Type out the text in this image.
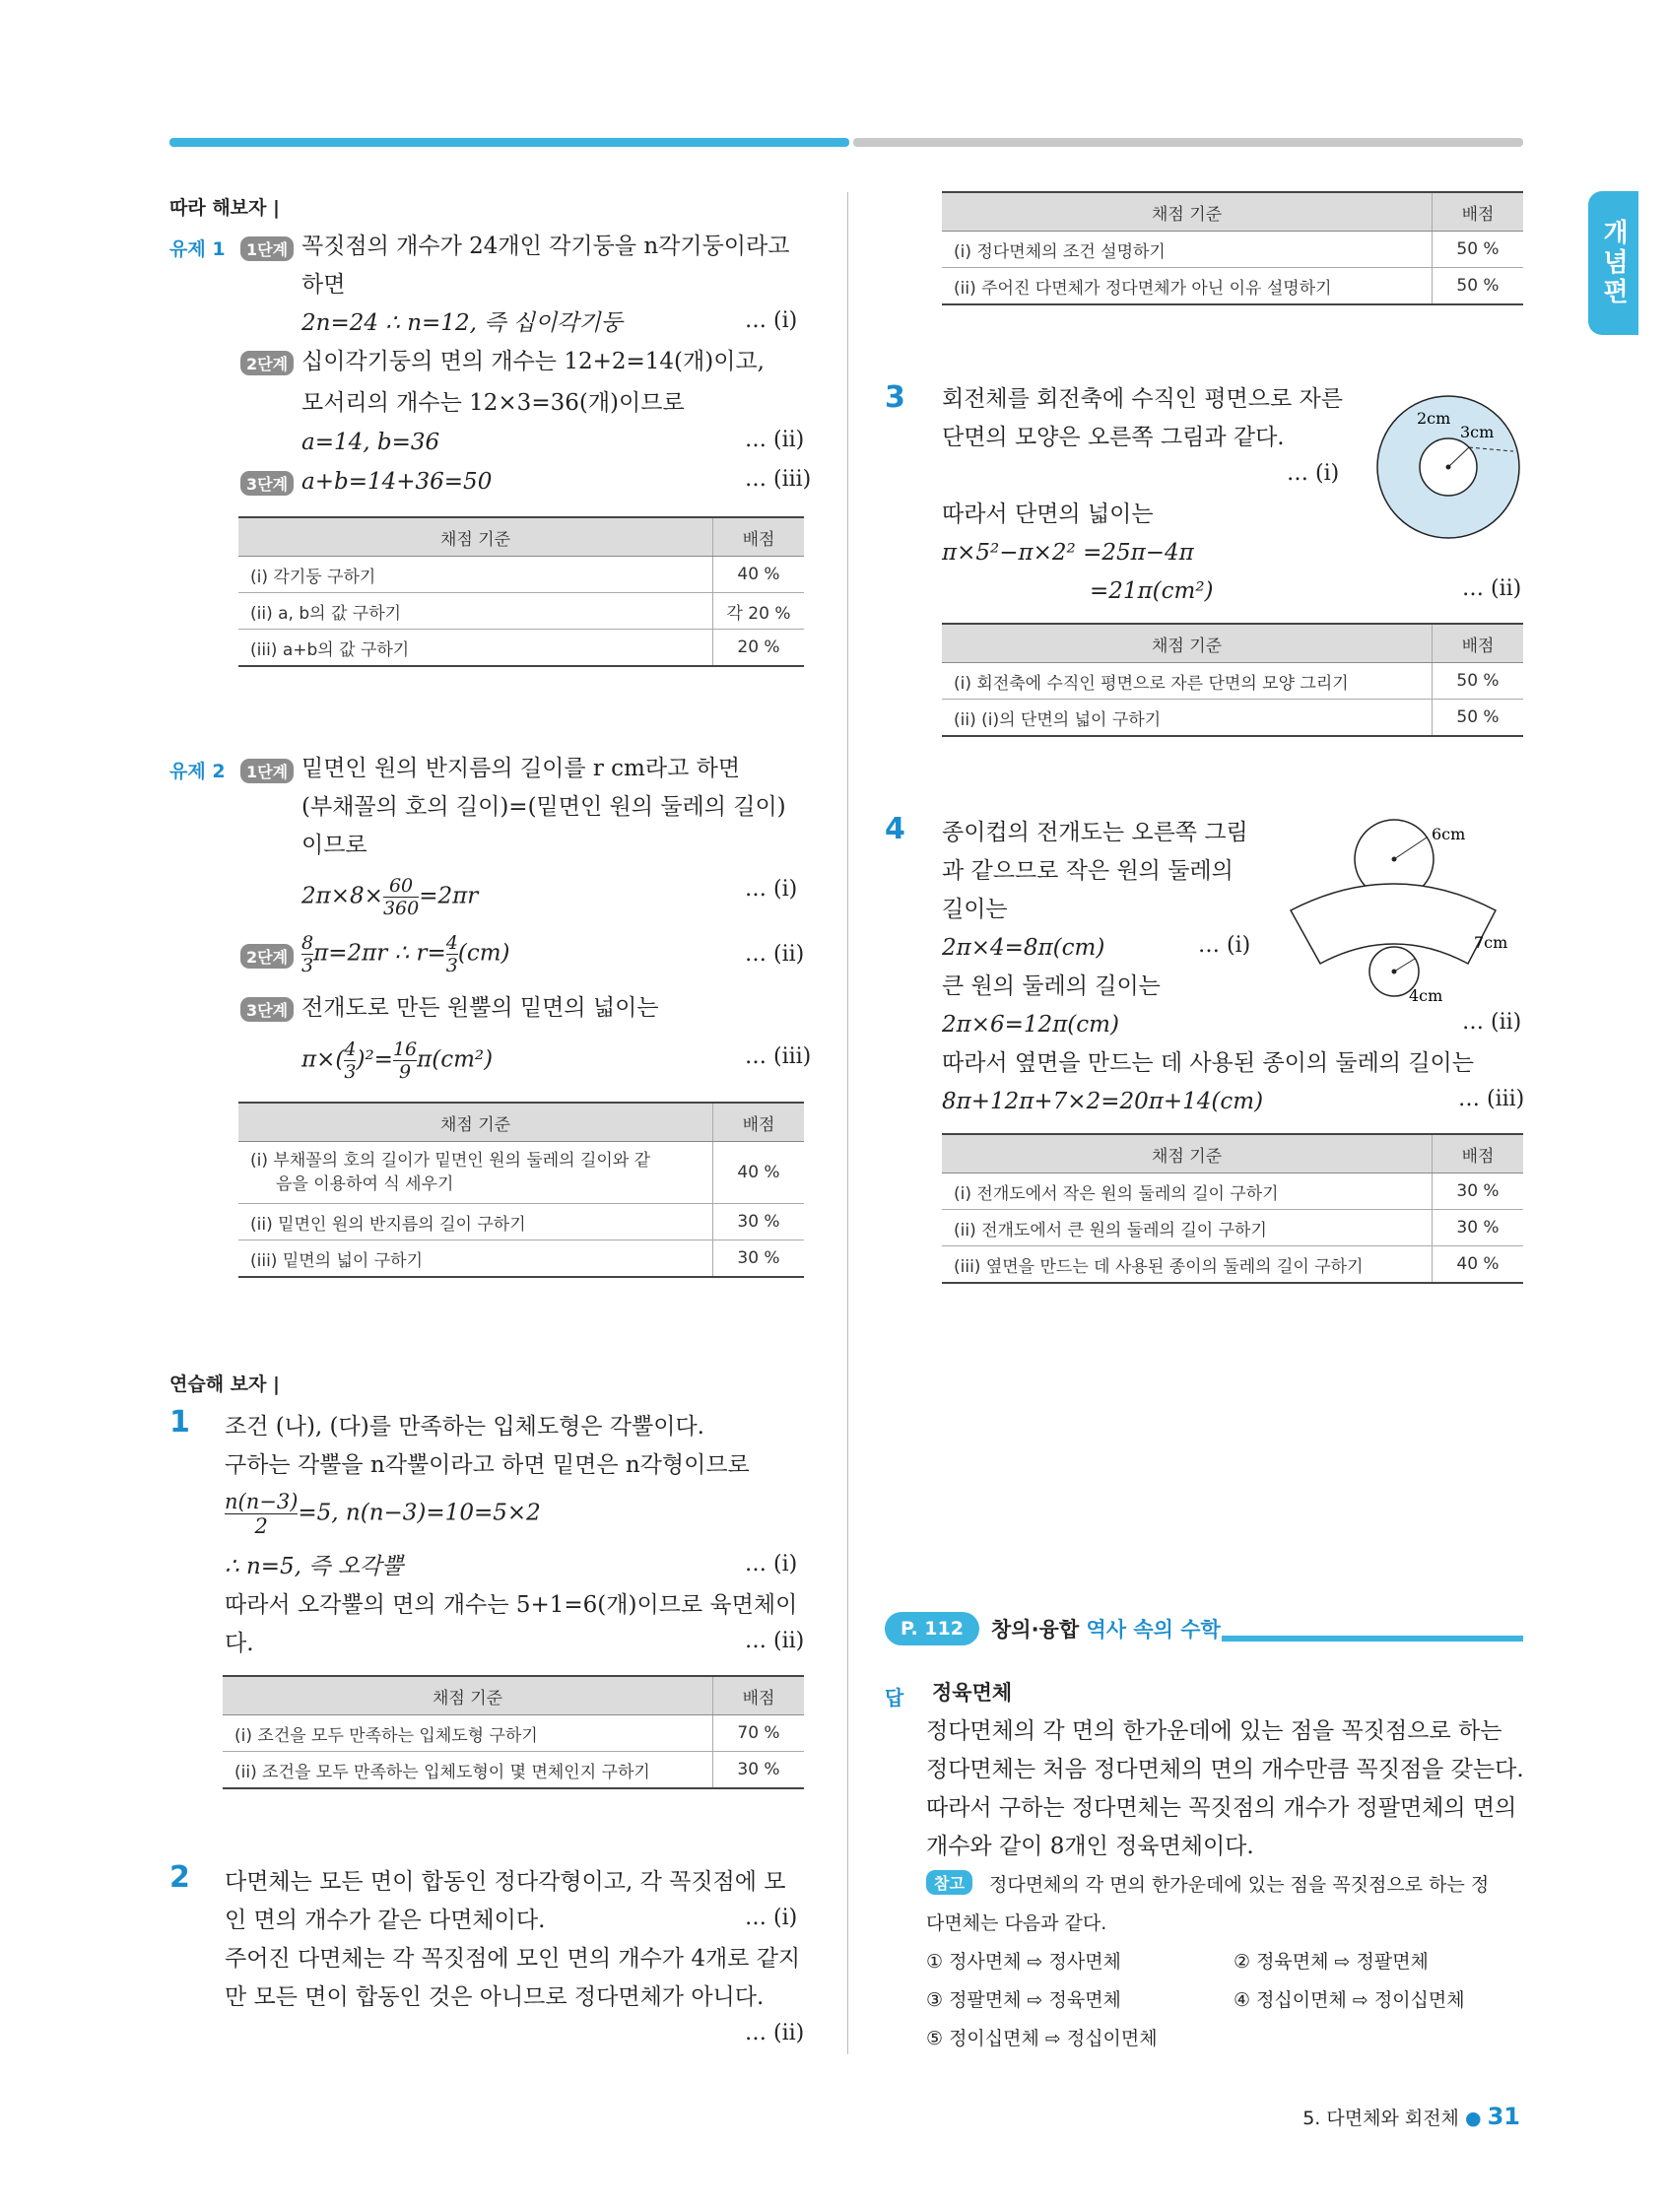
개념편
따라 해보자 |
유제 1	1단계 꼭짓점의 개수가 24개인 각기둥을 n각기둥이라고
하면
2n=24 ∴ n=12, 즉 십이각기둥	… (i)
2단계 십이각기둥의 면의 개수는 12+2=14(개)이고,
모서리의 개수는 12×3=36(개)이므로
a=14, b=36	… (ii)
3단계 a+b=14+36=50	… (iii)
채점 기준	배점
(i) 각기둥 구하기	40 %
(ii) a, b의 값 구하기	각 20 %
(iii) a+b의 값 구하기	20 %
유제 2	1단계 밑면인 원의 반지름의 길이를 r cm라고 하면
(부채꼴의 호의 길이)=(밑면인 원의 둘레의 길이)
이므로
$2\pi\times 8\times \frac{60}{360} =2\pi r$	… (i)
2단계 $\frac{8}{3} \pi=2\pi r$ ∴ $r= \frac{4}{3} (cm)$	… (ii)
3단계 전개도로 만든 원뿔의 밑면의 넓이는
$\pi\times( \frac{4}{3} )^2= \frac{16}{9} \pi(cm^2)$	… (iii)
채점 기준	배점

(i) 부채꼴의 호의 길이가 밑면인 원의 둘레의 길이와 같
음을 이용하여 식 세우기	40 %
(ii) 밑면인 원의 반지름의 길이 구하기	30 %
(iii) 밑면의 넓이 구하기	30 %
연습해 보자 |
1 조건 (나), (다)를 만족하는 입체도형은 각뿔이다.
구하는 각뿔을 n각뿔이라고 하면 밑면은 n각형이므로
$\frac{n(n-3)}{2} =5$, n(n−3)=10=5×2
∴ n=5, 즉 오각뿔	… (i)
따라서 오각뿔의 면의 개수는 5+1=6(개)이므로 육면체이
다.	… (ii)
채점 기준	배점
(i) 조건을 모두 만족하는 입체도형 구하기	70 %
(ii) 조건을 모두 만족하는 입체도형이 몇 면체인지 구하기	30 %
2 다면체는 모든 면이 합동인 정다각형이고, 각 꼭짓점에 모
인 면의 개수가 같은 다면체이다.	… (i)
주어진 다면체는 각 꼭짓점에 모인 면의 개수가 4개로 같지
만 모든 면이 합동인 것은 아니므로 정다면체가 아니다.
… (ii)
채점 기준	배점
(i) 정다면체의 조건 설명하기	50 %
(ii) 주어진 다면체가 정다면체가 아닌 이유 설명하기	50 %
3 회전체를 회전축에 수직인 평면으로 자른
단면의 모양은 오른쪽 그림과 같다.
… (i)
따라서 단면의 넓이는
π×5²−π×2² =25π−4π
=21π(cm²)	… (ii)
2cm
3cm
채점 기준	배점
(i) 회전축에 수직인 평면으로 자른 단면의 모양 그리기	50 %
(ii) (i)의 단면의 넓이 구하기	50 %
4 종이컵의 전개도는 오른쪽 그림
과 같으므로 작은 원의 둘레의
길이는
2π×4=8π(cm)	… (i)
큰 원의 둘레의 길이는
2π×6=12π(cm)	… (ii)
따라서 옆면을 만드는 데 사용된 종이의 둘레의 길이는
8π+12π+7×2=20π+14(cm)	… (iii)
6cm
7cm
4cm
채점 기준	배점
(i) 전개도에서 작은 원의 둘레의 길이 구하기	30 %
(ii) 전개도에서 큰 원의 둘레의 길이 구하기	30 %
(iii) 옆면을 만드는 데 사용된 종이의 둘레의 길이 구하기	40 %
P. 112	창의·융합 역사 속의 수학
답 정육면체
정다면체의 각 면의 한가운데에 있는 점을 꼭짓점으로 하는
정다면체는 처음 정다면체의 면의 개수만큼 꼭짓점을 갖는다.
따라서 구하는 정다면체는 꼭짓점의 개수가 정팔면체의 면의
개수와 같이 8개인 정육면체이다.
참고	정다면체의 각 면의 한가운데에 있는 점을 꼭짓점으로 하는 정
다면체는 다음과 같다.
① 정사면체 ⇨ 정사면체	② 정육면체 ⇨ 정팔면체
③ 정팔면체 ⇨ 정육면체	④ 정십이면체 ⇨ 정이십면체
⑤ 정이십면체 ⇨ 정십이면체
5. 다면체와 회전체 ● 31
